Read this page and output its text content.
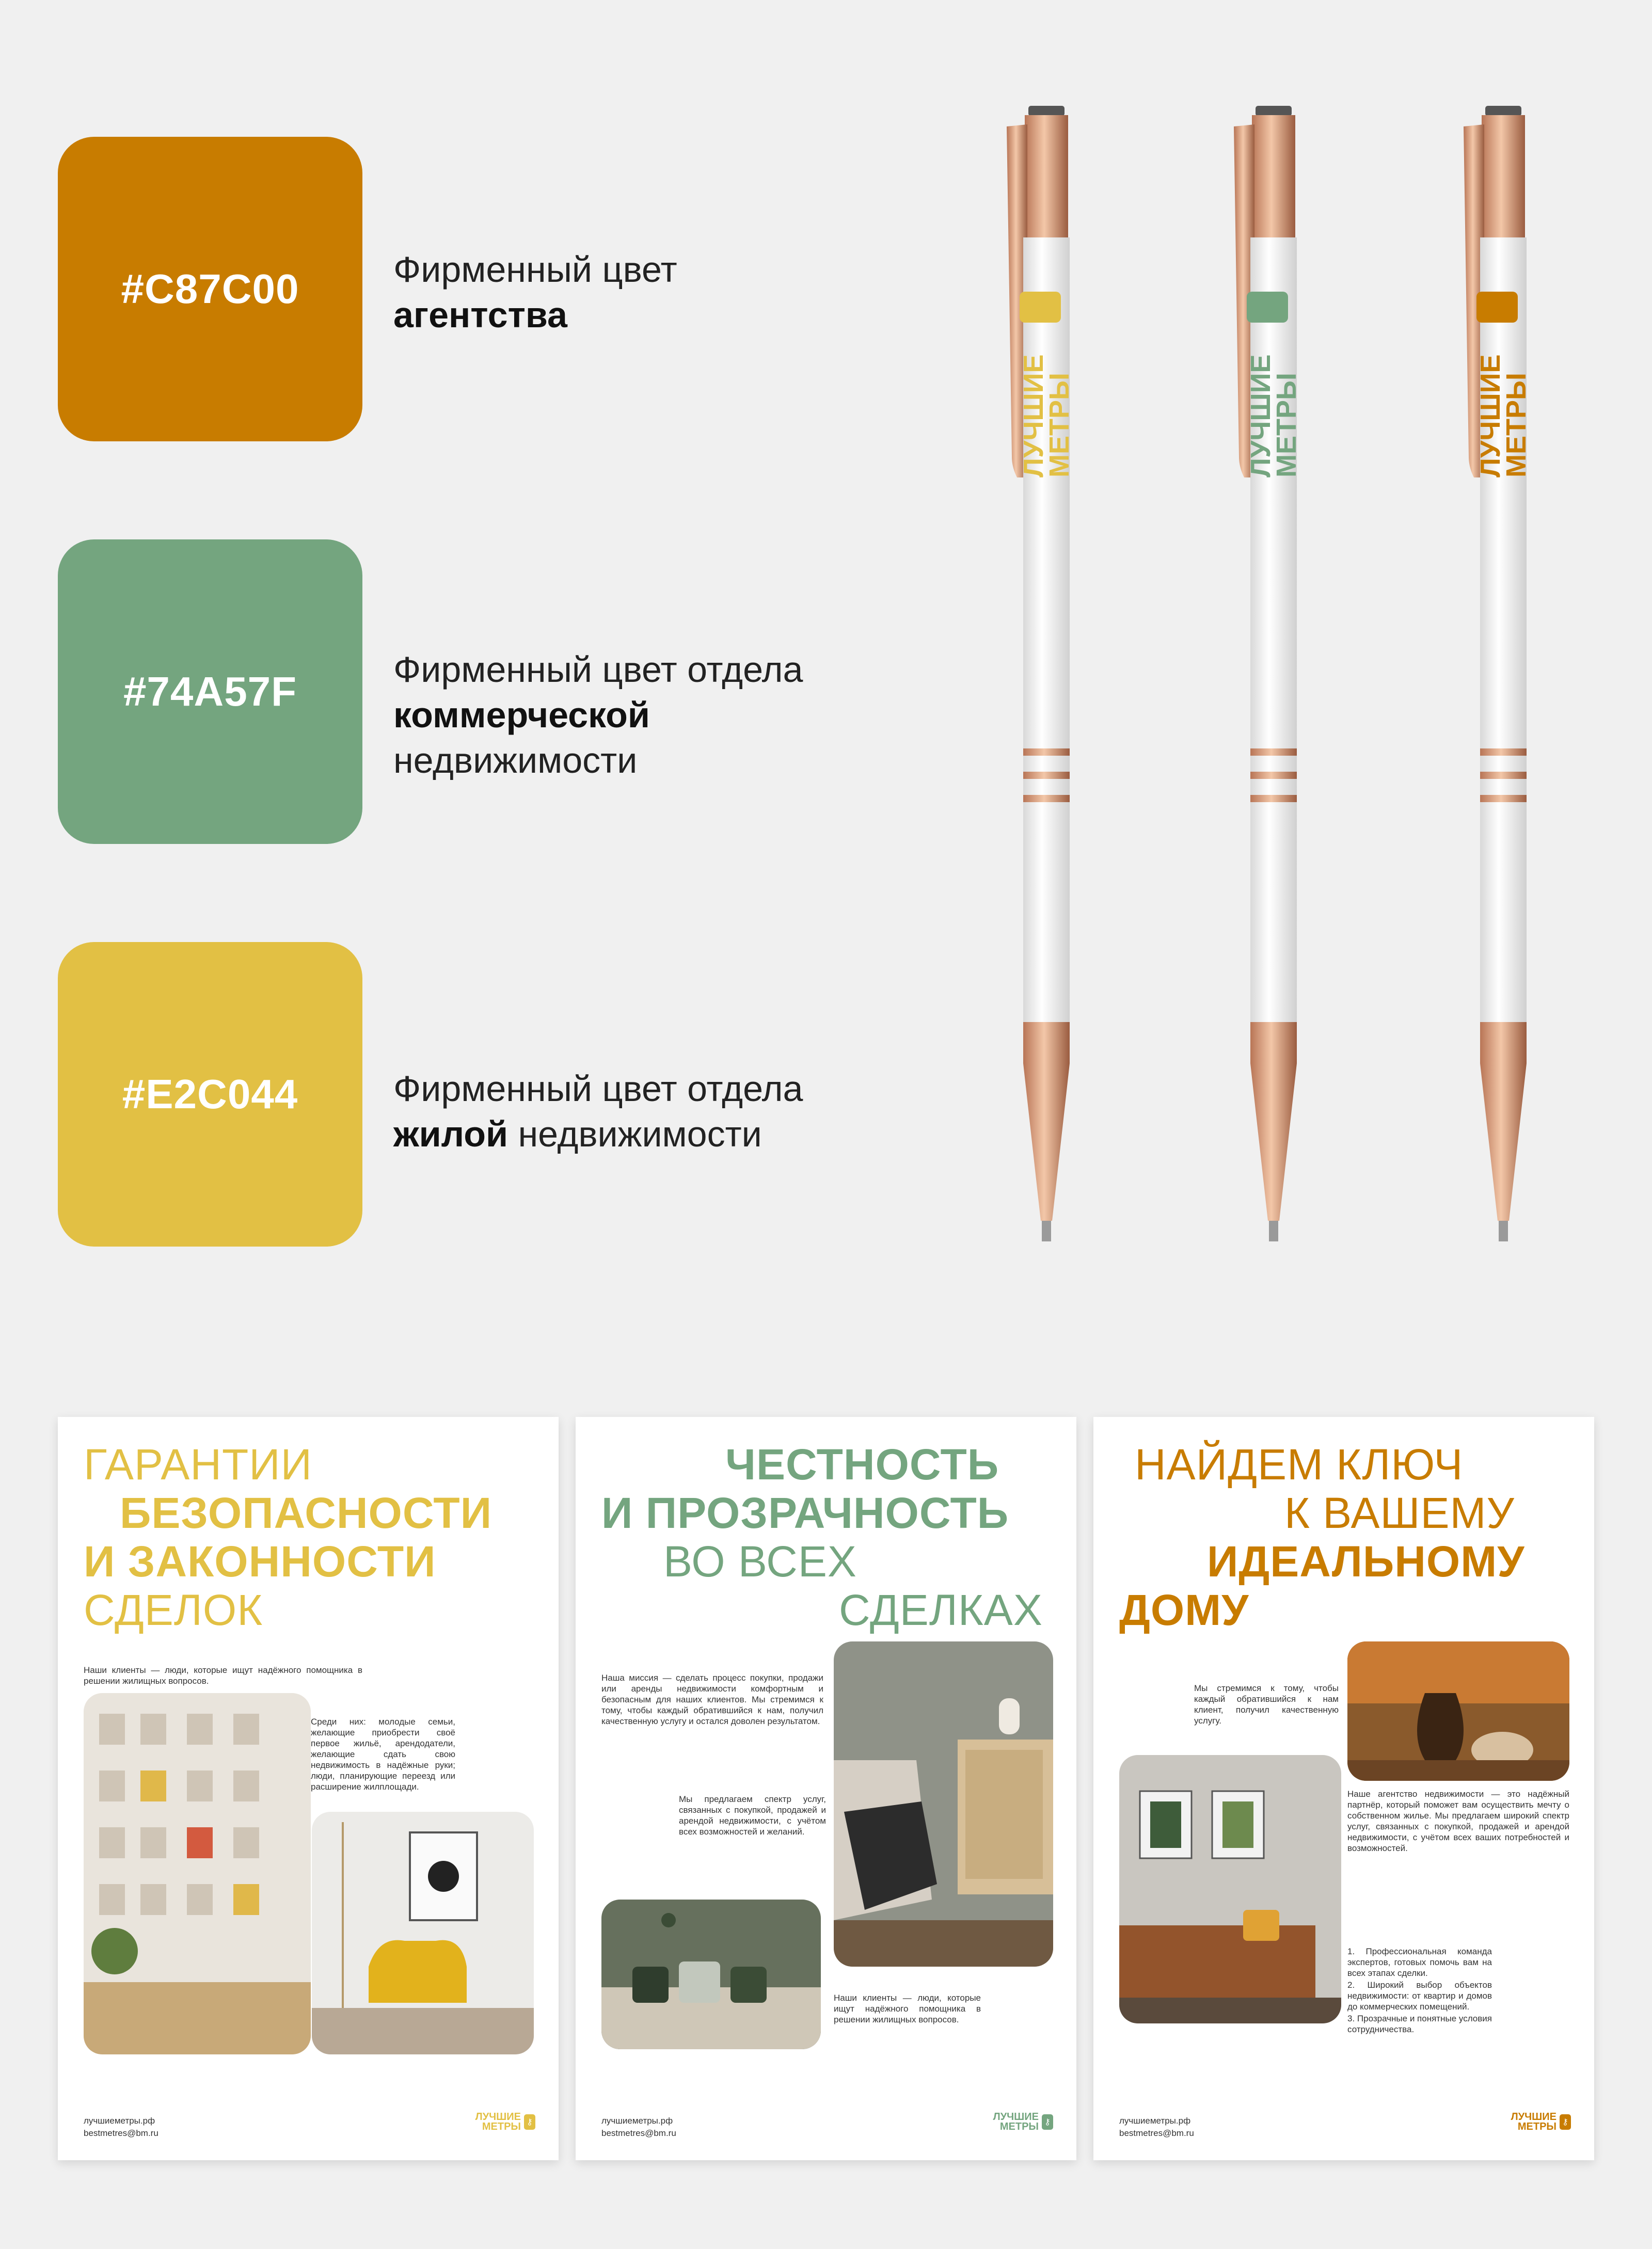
#C87C00	Фирменный цвет
агентства
#74A57F	Фирменный цвет отдела
коммерческой
недвижимости
#E2C044	Фирменный цвет отдела
жилой недвижимости
ЛУЧШИЕ
МЕТРЫ	ЛУЧШИЕ
МЕТРЫ	ЛУЧШИЕ
МЕТРЫ
ГАРАНТИИ
БЕЗОПАСНОСТИ
И ЗАКОННОСТИ
СДЕЛОК
Наши клиенты — люди, которые ищут надёжного помощника в решении жилищных вопросов.
Среди них: молодые семьи, желающие приобрести своё первое жильё, арендодатели, желающие сдать свою недвижимость в надёжные руки; люди, планирующие переезд или расширение жилплощади.
лучшиеметры.рф
bestmetres@bm.ru
ЛУЧШИЕ
МЕТРЫ ⚷
ЧЕСТНОСТЬ
И ПРОЗРАЧНОСТЬ
ВО ВСЕХ
СДЕЛКАХ
Наша миссия — сделать процесс покупки, продажи или аренды недвижимости комфортным и безопасным для наших клиентов. Мы стремимся к тому, чтобы каждый обратившийся к нам, получил качественную услугу и остался доволен результатом.
Мы предлагаем спектр услуг, связанных с покупкой, продажей и арендой недвижимости, с учётом всех возможностей и желаний.
Наши клиенты — люди, которые ищут надёжного помощника в решении жилищных вопросов.
лучшиеметры.рф
bestmetres@bm.ru
ЛУЧШИЕ
МЕТРЫ ⚷
НАЙДЕМ КЛЮЧ
К ВАШЕМУ
ИДЕАЛЬНОМУ
ДОМУ
Мы стремимся к тому, чтобы каждый обратившийся к нам клиент, получил качественную услугу.
Наше агентство недвижимости — это надёжный партнёр, который поможет вам осуществить мечту о собственном жилье. Мы предлагаем широкий спектр услуг, связанных с покупкой, продажей и арендой недвижимости, с учётом всех ваших потребностей и возможностей.
1. Профессиональная команда экспертов, готовых помочь вам на всех этапах сделки.
2. Широкий выбор объектов недвижимости: от квартир и домов до коммерческих помещений.
3. Прозрачные и понятные условия сотрудничества.
лучшиеметры.рф
bestmetres@bm.ru
ЛУЧШИЕ
МЕТРЫ ⚷
